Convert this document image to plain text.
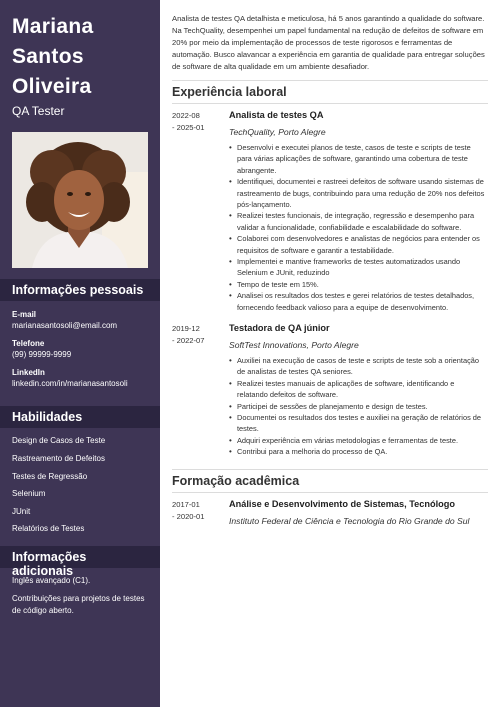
Mariana
Santos
Oliveira
QA Tester
Informações pessoais
E-mail
marianasantosoli@email.com
Telefone
(99) 99999-9999
LinkedIn
linkedin.com/in/marianasantosoli
Habilidades
Design de Casos de Teste
Rastreamento de Defeitos
Testes de Regressão
Selenium
JUnit
Relatórios de Testes
Informações adicionais
Inglês avançado (C1).
Contribuições para projetos de testes de código aberto.
Analista de testes QA detalhista e meticulosa, há 5 anos garantindo a qualidade do software. Na TechQuality, desempenhei um papel fundamental na redução de defeitos de software em 20% por meio da implementação de processos de teste rigorosos e ferramentas de automação. Busco alavancar a experiência em garantia de qualidade para entregar soluções de software de alta qualidade em um ambiente desafiador.
Experiência laboral
2022-08
- 2025-01
Analista de testes QA
TechQuality, Porto Alegre
• Desenvolvi e executei planos de teste, casos de teste e scripts de teste para várias aplicações de software, garantindo uma cobertura de teste abrangente.
• Identifiquei, documentei e rastreei defeitos de software usando sistemas de rastreamento de bugs, contribuindo para uma redução de 20% nos defeitos pós-lançamento.
• Realizei testes funcionais, de integração, regressão e desempenho para validar a funcionalidade, confiabilidade e escalabilidade do software.
• Colaborei com desenvolvedores e analistas de negócios para entender os requisitos de software e garantir a testabilidade.
• Implementei e mantive frameworks de testes automatizados usando Selenium e JUnit, reduzindo
• Tempo de teste em 15%.
• Analisei os resultados dos testes e gerei relatórios de testes detalhados, fornecendo feedback valioso para a equipe de desenvolvimento.
2019-12
- 2022-07
Testadora de QA júnior
SoftTest Innovations, Porto Alegre
• Auxiliei na execução de casos de teste e scripts de teste sob a orientação de analistas de testes QA seniores.
• Realizei testes manuais de aplicações de software, identificando e relatando defeitos de software.
• Participei de sessões de planejamento e design de testes.
• Documentei os resultados dos testes e auxiliei na geração de relatórios de testes.
• Adquiri experiência em várias metodologias e ferramentas de teste.
• Contribui para a melhoria do processo de QA.
Formação acadêmica
2017-01
- 2020-01
Análise e Desenvolvimento de Sistemas, Tecnólogo
Instituto Federal de Ciência e Tecnologia do Rio Grande do Sul
